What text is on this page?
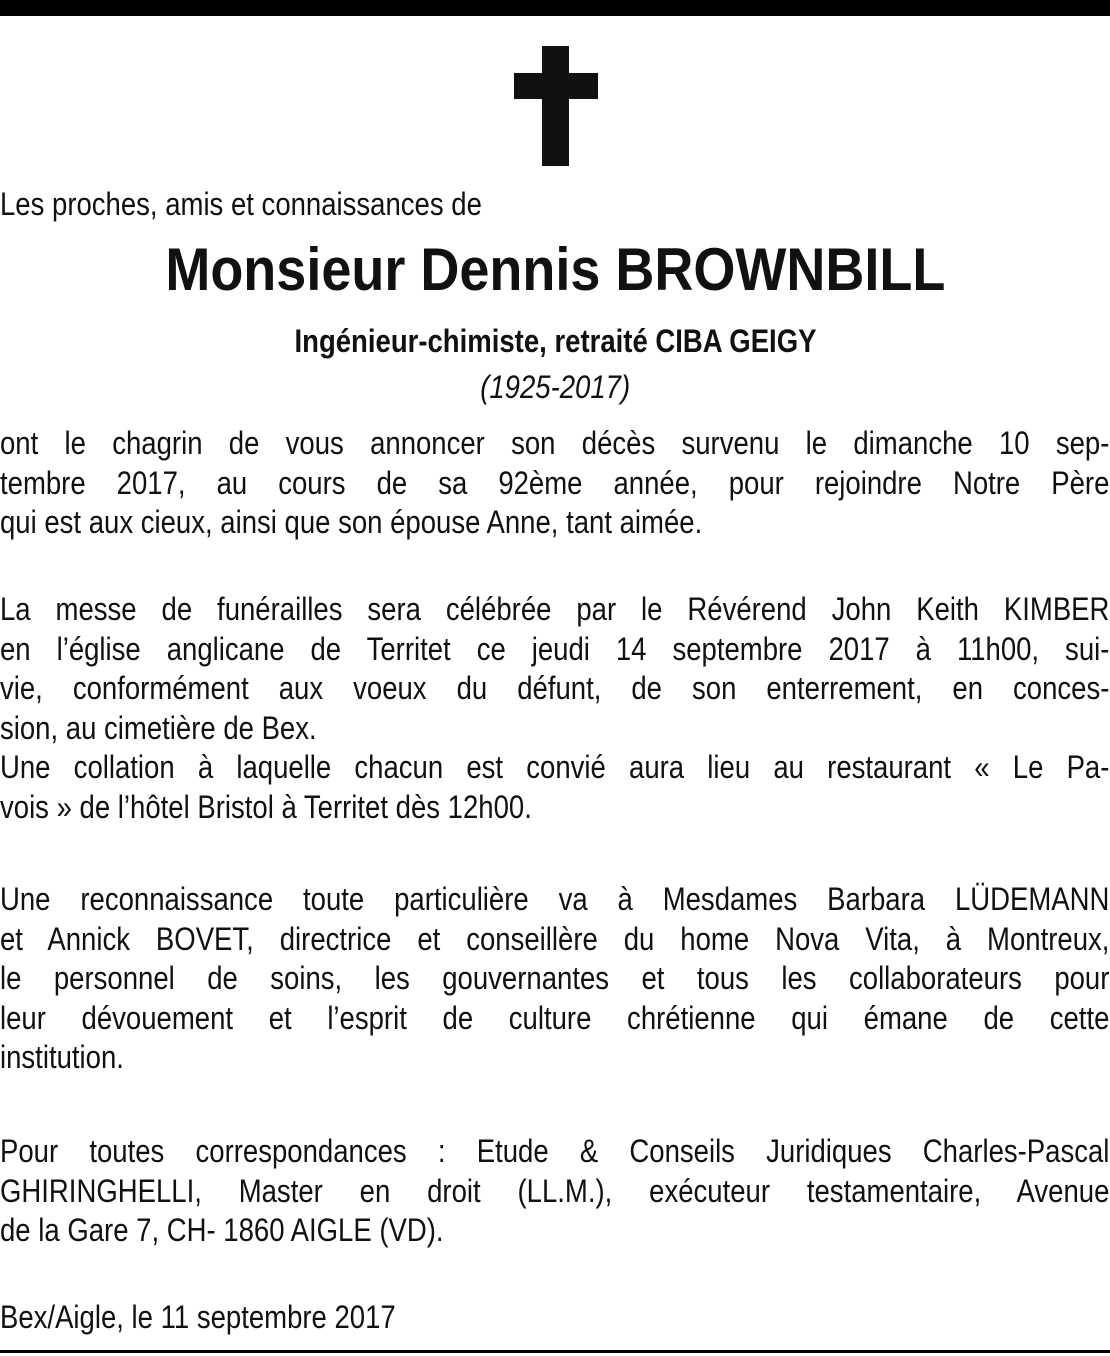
Les proches, amis et connaissances de
Monsieur Dennis BROWNBILL
Ingénieur-chimiste, retraité CIBA GEIGY
(1925-2017)
ont le chagrin de vous annoncer son décès survenu le dimanche 10 sep-
tembre 2017, au cours de sa 92ème année, pour rejoindre Notre Père
qui est aux cieux, ainsi que son épouse Anne, tant aimée.
La messe de funérailles sera célébrée par le Révérend John Keith KIMBER
en l’église anglicane de Territet ce jeudi 14 septembre 2017 à 11h00, sui-
vie, conformément aux voeux du défunt, de son enterrement, en conces-
sion, au cimetière de Bex.
Une collation à laquelle chacun est convié aura lieu au restaurant « Le Pa-
vois » de l’hôtel Bristol à Territet dès 12h00.
Une reconnaissance toute particulière va à Mesdames Barbara LÜDEMANN
et Annick BOVET, directrice et conseillère du home Nova Vita, à Montreux,
le personnel de soins, les gouvernantes et tous les collaborateurs pour
leur dévouement et l’esprit de culture chrétienne qui émane de cette
institution.
Pour toutes correspondances : Etude & Conseils Juridiques Charles-Pascal
GHIRINGHELLI, Master en droit (LL.M.), exécuteur testamentaire, Avenue
de la Gare 7, CH- 1860 AIGLE (VD).
Bex/Aigle, le 11 septembre 2017
